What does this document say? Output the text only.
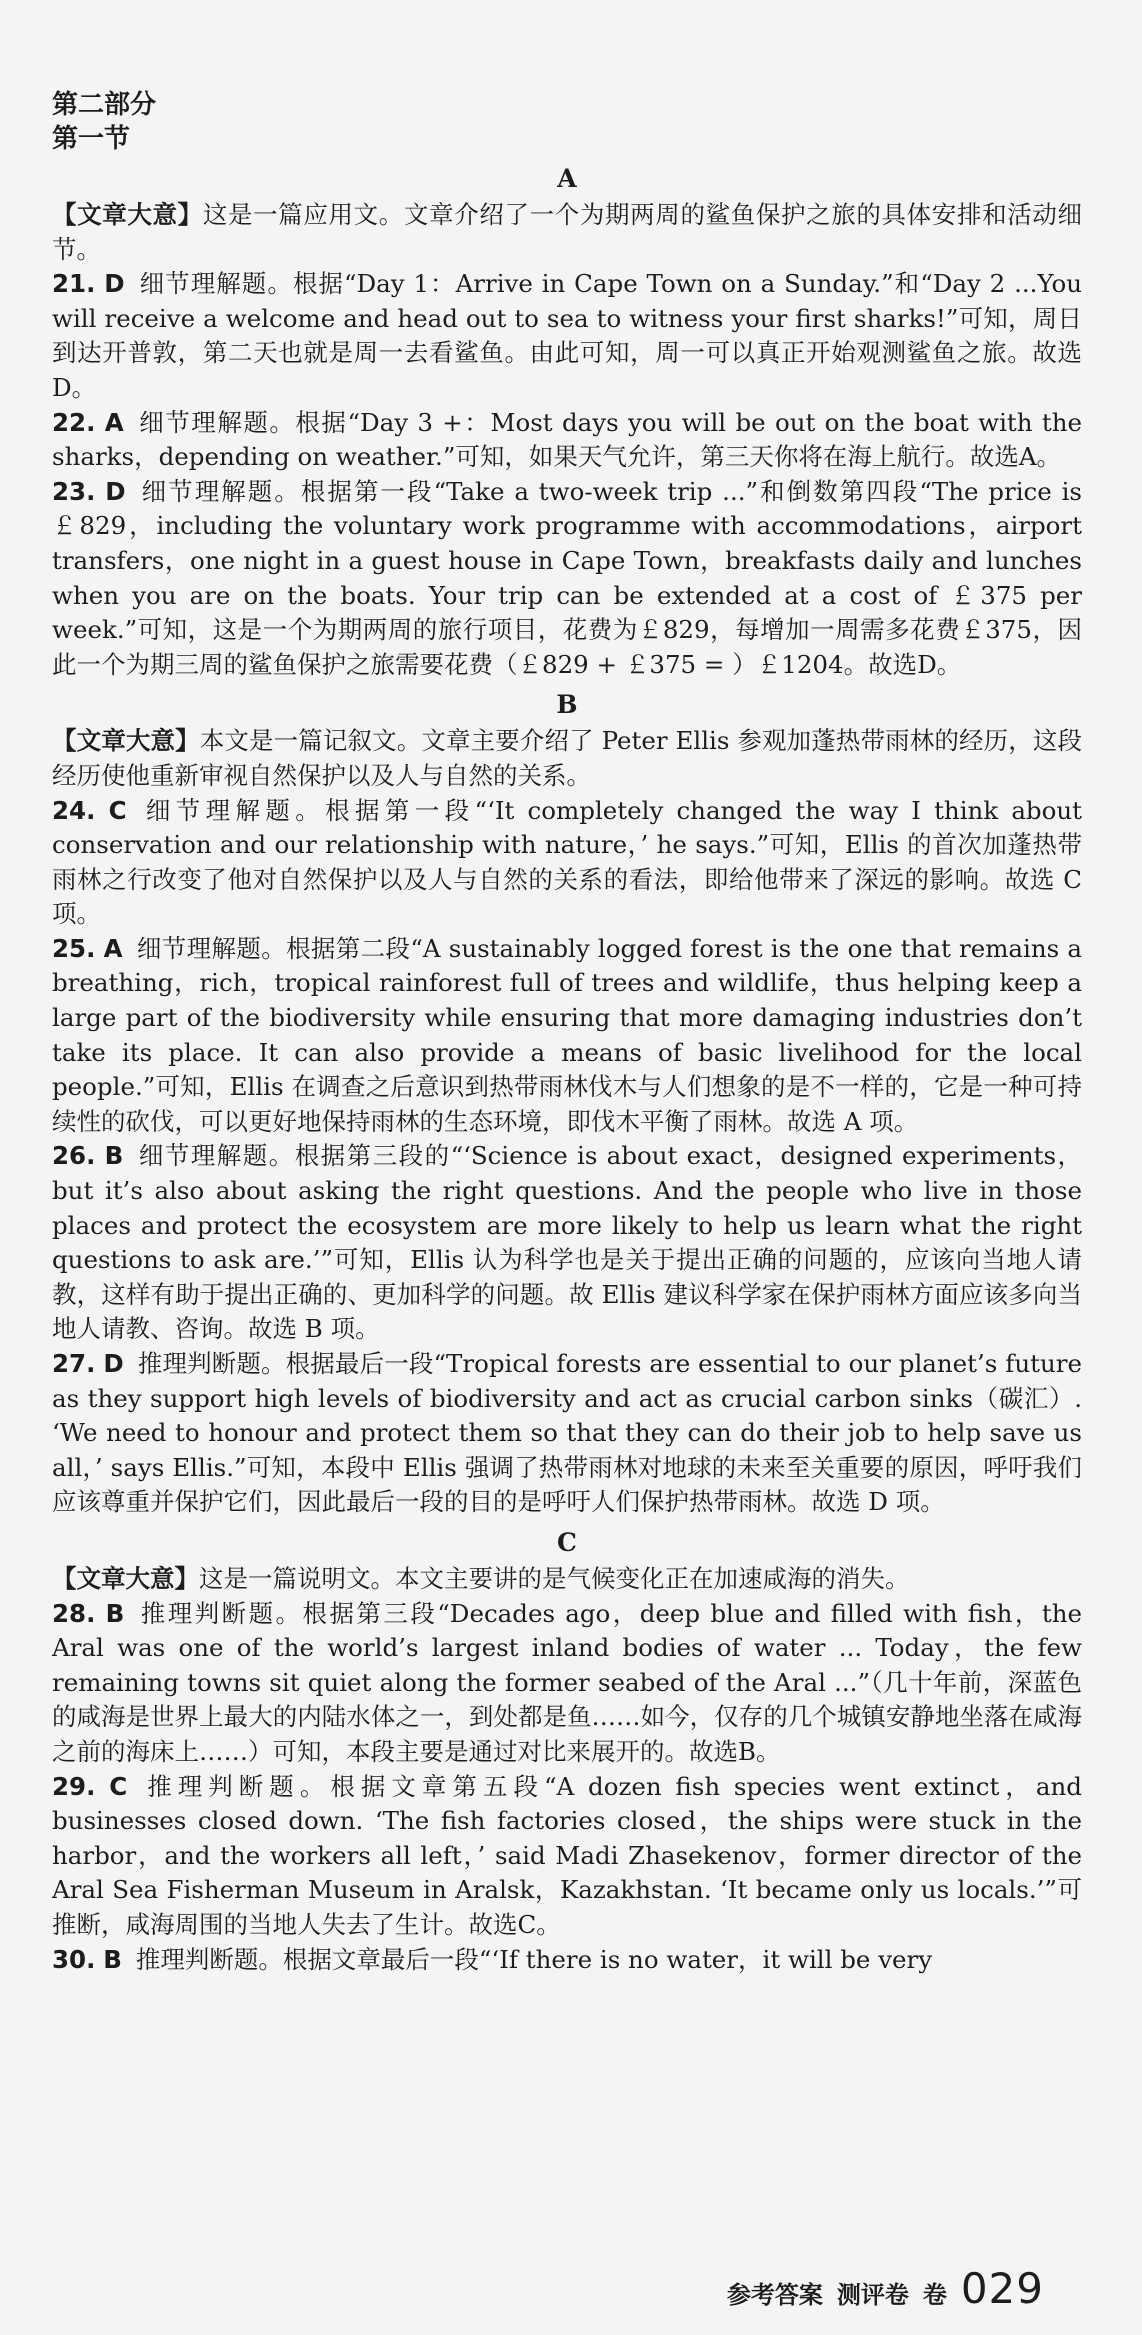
第二部分
第一节
A

【文章大意】这是一篇应用文。文章介绍了一个为期两周的鲨鱼保护之旅的具体安排和活动细节。

21. D 细节理解题。根据“Day 1：Arrive in Cape Town on a Sunday.”和“Day 2 ...You will receive a welcome and head out to sea to witness your first sharks!”可知，周日到达开普敦，第二天也就是周一去看鲨鱼。由此可知，周一可以真正开始观测鲨鱼之旅。故选D。

22. A 细节理解题。根据“Day 3 +：Most days you will be out on the boat with the sharks，depending on weather.”可知，如果天气允许，第三天你将在海上航行。故选A。

23. D 细节理解题。根据第一段“Take a two-week trip ...”和倒数第四段“The price is ￡829，including the voluntary work programme with accommodations，airport transfers，one night in a guest house in Cape Town，breakfasts daily and lunches when you are on the boats. Your trip can be extended at a cost of ￡375 per week.”可知，这是一个为期两周的旅行项目，花费为￡829，每增加一周需多花费￡375，因此一个为期三周的鲨鱼保护之旅需要花费（￡829 + ￡375 = ）￡1204。故选D。

B

【文章大意】本文是一篇记叙文。文章主要介绍了 Peter Ellis 参观加蓬热带雨林的经历，这段经历使他重新审视自然保护以及人与自然的关系。

24. C 细节理解题。根据第一段“‘It completely changed the way I think about conservation and our relationship with nature，’ he says.”可知，Ellis 的首次加蓬热带雨林之行改变了他对自然保护以及人与自然的关系的看法，即给他带来了深远的影响。故选 C 项。

25. A 细节理解题。根据第二段“A sustainably logged forest is the one that remains a breathing，rich，tropical rainforest full of trees and wildlife，thus helping keep a large part of the biodiversity while ensuring that more damaging industries don’t take its place. It can also provide a means of basic livelihood for the local people.”可知，Ellis 在调查之后意识到热带雨林伐木与人们想象的是不一样的，它是一种可持续性的砍伐，可以更好地保持雨林的生态环境，即伐木平衡了雨林。故选 A 项。

26. B 细节理解题。根据第三段的“‘Science is about exact，designed experiments，but it’s also about asking the right questions. And the people who live in those places and protect the ecosystem are more likely to help us learn what the right questions to ask are.’”可知，Ellis 认为科学也是关于提出正确的问题的，应该向当地人请教，这样有助于提出正确的、更加科学的问题。故 Ellis 建议科学家在保护雨林方面应该多向当地人请教、咨询。故选 B 项。

27. D 推理判断题。根据最后一段“Tropical forests are essential to our planet’s future as they support high levels of biodiversity and act as crucial carbon sinks（碳汇）. ‘We need to honour and protect them so that they can do their job to help save us all，’ says Ellis.”可知，本段中 Ellis 强调了热带雨林对地球的未来至关重要的原因，呼吁我们应该尊重并保护它们，因此最后一段的目的是呼吁人们保护热带雨林。故选 D 项。

C

【文章大意】这是一篇说明文。本文主要讲的是气候变化正在加速咸海的消失。

28. B 推理判断题。根据第三段“Decades ago，deep blue and filled with fish，the Aral was one of the world’s largest inland bodies of water ... Today，the few remaining towns sit quiet along the former seabed of the Aral ...”（几十年前，深蓝色的咸海是世界上最大的内陆水体之一，到处都是鱼……如今，仅存的几个城镇安静地坐落在咸海之前的海床上……）可知，本段主要是通过对比来展开的。故选B。

29. C 推理判断题。根据文章第五段“A dozen fish species went extinct，and businesses closed down. ‘The fish factories closed，the ships were stuck in the harbor，and the workers all left，’ said Madi Zhasekenov，former director of the Aral Sea Fisherman Museum in Aralsk，Kazakhstan. ‘It became only us locals.’”可推断，咸海周围的当地人失去了生计。故选C。

30. B 推理判断题。根据文章最后一段“‘If there is no water，it will be very

参考答案 测评卷 卷 029
